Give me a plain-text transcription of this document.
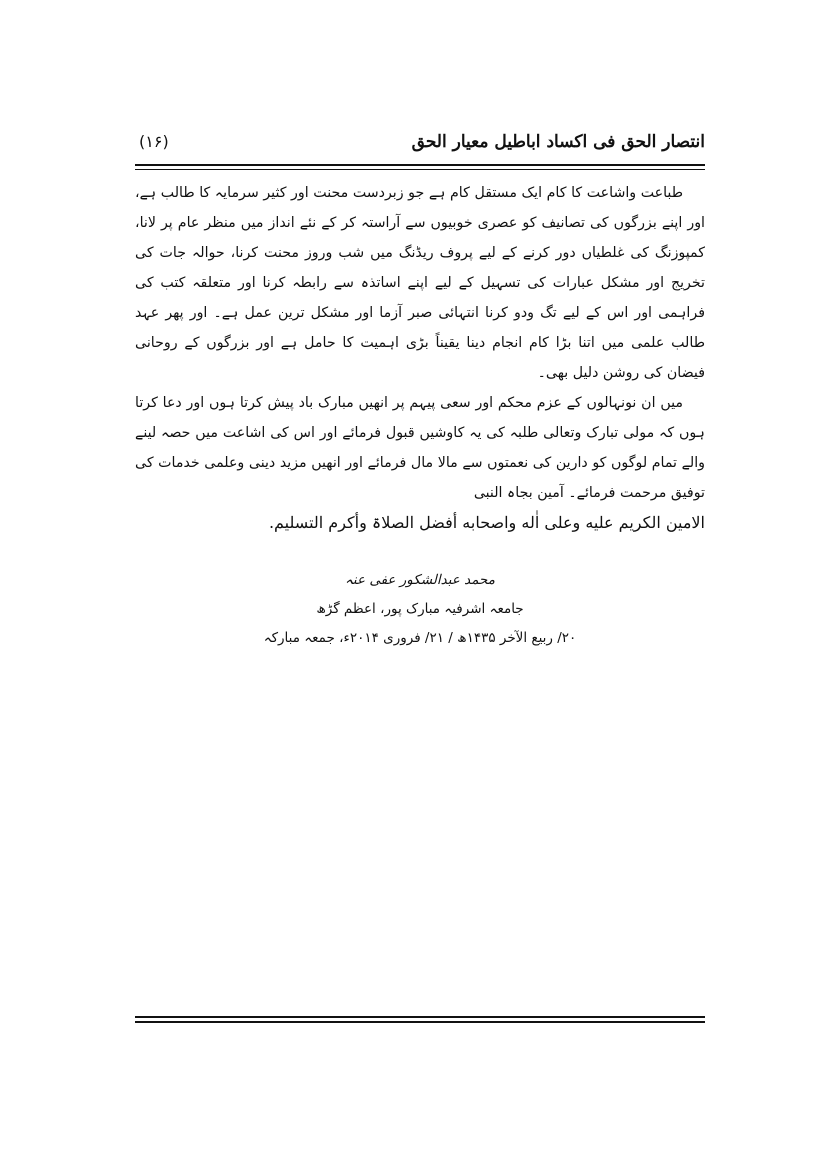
انتصار الحق فی اکساد اباطیل معیار الحق
(۱۶)

طباعت واشاعت کا کام ایک مستقل کام ہے جو زبردست محنت اور کثیر سرمایہ کا طالب ہے، اور اپنے بزرگوں کی تصانیف کو عصری خوبیوں سے آراستہ کر کے نئے انداز میں منظر عام پر لانا، کمپوزنگ کی غلطیاں دور کرنے کے لیے پروف ریڈنگ میں شب وروز محنت کرنا، حوالہ جات کی تخریج اور مشکل عبارات کی تسہیل کے لیے اپنے اساتذہ سے رابطہ کرنا اور متعلقہ کتب کی فراہمی اور اس کے لیے تگ ودو کرنا انتہائی صبر آزما اور مشکل ترین عمل ہے۔ اور پھر عہد طالب علمی میں اتنا بڑا کام انجام دینا یقیناً بڑی اہمیت کا حامل ہے اور بزرگوں کے روحانی فیضان کی روشن دلیل بھی۔

میں ان نونہالوں کے عزم محکم اور سعی پیہم پر انھیں مبارک باد پیش کرتا ہوں اور دعا کرتا ہوں کہ مولی تبارک وتعالی طلبہ کی یہ کاوشیں قبول فرمائے اور اس کی اشاعت میں حصہ لینے والے تمام لوگوں کو دارین کی نعمتوں سے مالا مال فرمائے اور انھیں مزید دینی وعلمی خدمات کی توفیق مرحمت فرمائے۔ آمین بجاہ النبی

الامین الکریم علیه وعلی اٰله واصحابه أفضل الصلاۃ وأکرم التسلیم.
محمد عبدالشکور عفی عنہ
جامعہ اشرفیہ مبارک پور، اعظم گڑھ
۲۰/ ربیع الآخر ۱۴۳۵ھ / ۲۱/ فروری ۲۰۱۴ء، جمعہ مبارکہ
